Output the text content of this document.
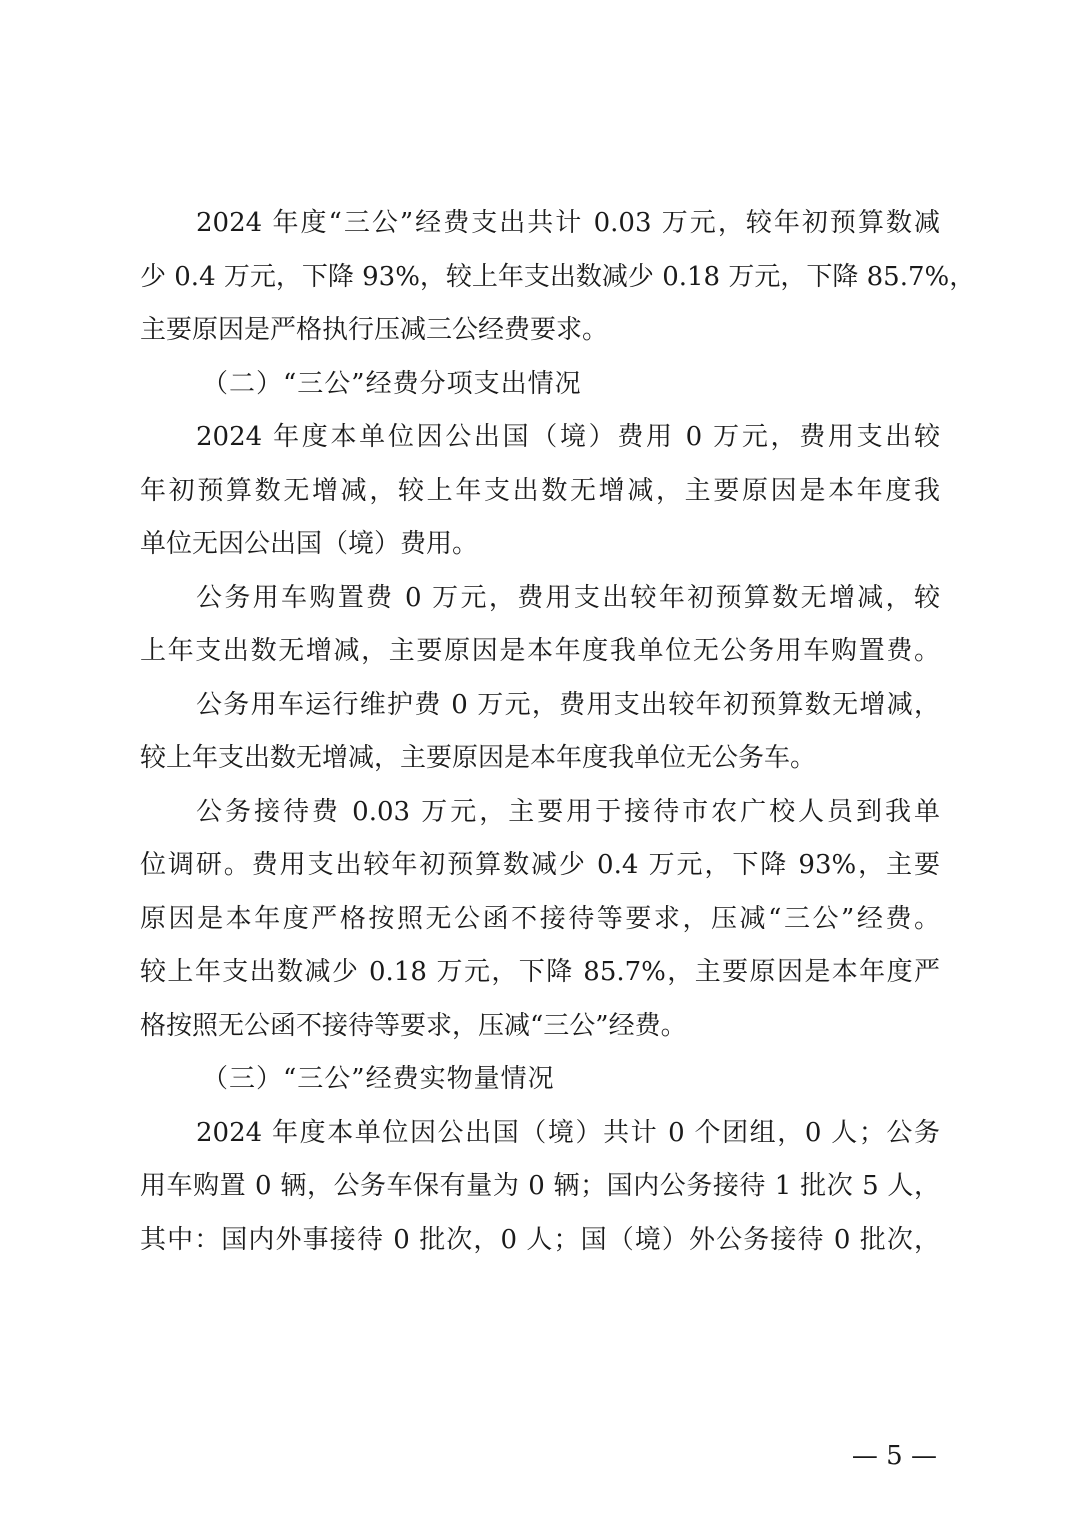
2024 年度“三公”经费支出共计 0.03 万元，较年初预算数减
少 0.4 万元，下降 93%，较上年支出数减少 0.18 万元，下降 85.7%，
主要原因是严格执行压减三公经费要求。
（二）“三公”经费分项支出情况
2024 年度本单位因公出国（境）费用 0 万元，费用支出较
年初预算数无增减，较上年支出数无增减，主要原因是本年度我
单位无因公出国（境）费用。
公务用车购置费 0 万元，费用支出较年初预算数无增减，较
上年支出数无增减，主要原因是本年度我单位无公务用车购置费。
公务用车运行维护费 0 万元，费用支出较年初预算数无增减，
较上年支出数无增减，主要原因是本年度我单位无公务车。
公务接待费 0.03 万元，主要用于接待市农广校人员到我单
位调研。费用支出较年初预算数减少 0.4 万元，下降 93%，主要
原因是本年度严格按照无公函不接待等要求，压减“三公”经费。
较上年支出数减少 0.18 万元，下降 85.7%，主要原因是本年度严
格按照无公函不接待等要求，压减“三公”经费。
（三）“三公”经费实物量情况
2024 年度本单位因公出国（境）共计 0 个团组，0 人；公务
用车购置 0 辆，公务车保有量为 0 辆；国内公务接待 1 批次 5 人，
其中：国内外事接待 0 批次，0 人；国（境）外公务接待 0 批次，
— 5 —
